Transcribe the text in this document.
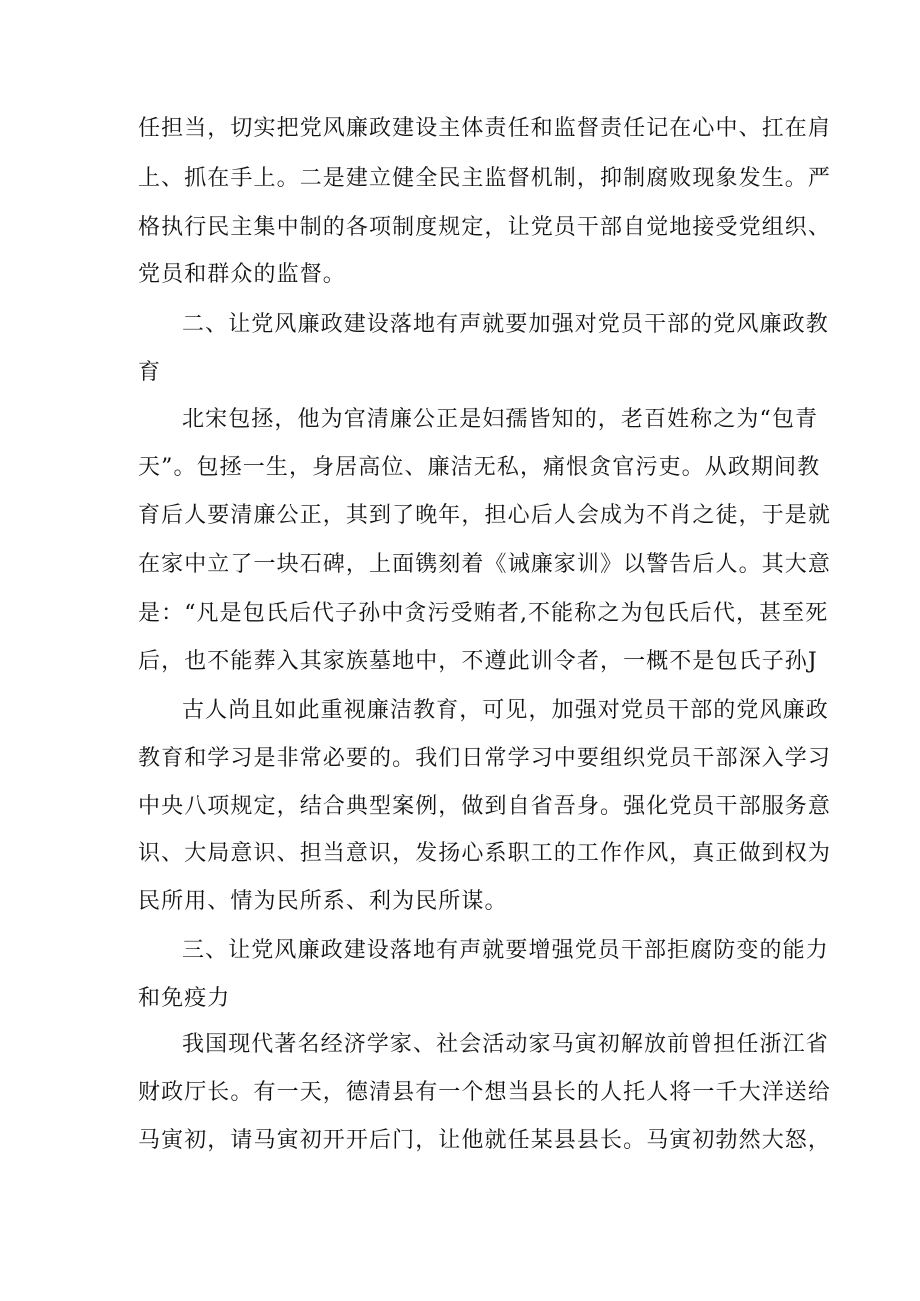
任担当，切实把党风廉政建设主体责任和监督责任记在心中、扛在肩

上、抓在手上。二是建立健全民主监督机制，抑制腐败现象发生。严

格执行民主集中制的各项制度规定，让党员干部自觉地接受党组织、

党员和群众的监督。

二、让党风廉政建设落地有声就要加强对党员干部的党风廉政教

育

北宋包拯，他为官清廉公正是妇孺皆知的，老百姓称之为“包青

天”。包拯一生，身居高位、廉洁无私，痛恨贪官污吏。从政期间教

育后人要清廉公正，其到了晚年，担心后人会成为不肖之徒，于是就

在家中立了一块石碑，上面镌刻着《诫廉家训》以警告后人。其大意

是：“凡是包氏后代子孙中贪污受贿者,不能称之为包氏后代，甚至死

后，也不能葬入其家族墓地中，不遵此训令者，一概不是包氏子孙J

古人尚且如此重视廉洁教育，可见，加强对党员干部的党风廉政

教育和学习是非常必要的。我们日常学习中要组织党员干部深入学习

中央八项规定，结合典型案例，做到自省吾身。强化党员干部服务意

识、大局意识、担当意识，发扬心系职工的工作作风，真正做到权为

民所用、情为民所系、利为民所谋。

三、让党风廉政建设落地有声就要增强党员干部拒腐防变的能力

和免疫力

我国现代著名经济学家、社会活动家马寅初解放前曾担任浙江省

财政厅长。有一天，德清县有一个想当县长的人托人将一千大洋送给

马寅初，请马寅初开开后门，让他就任某县县长。马寅初勃然大怒，
